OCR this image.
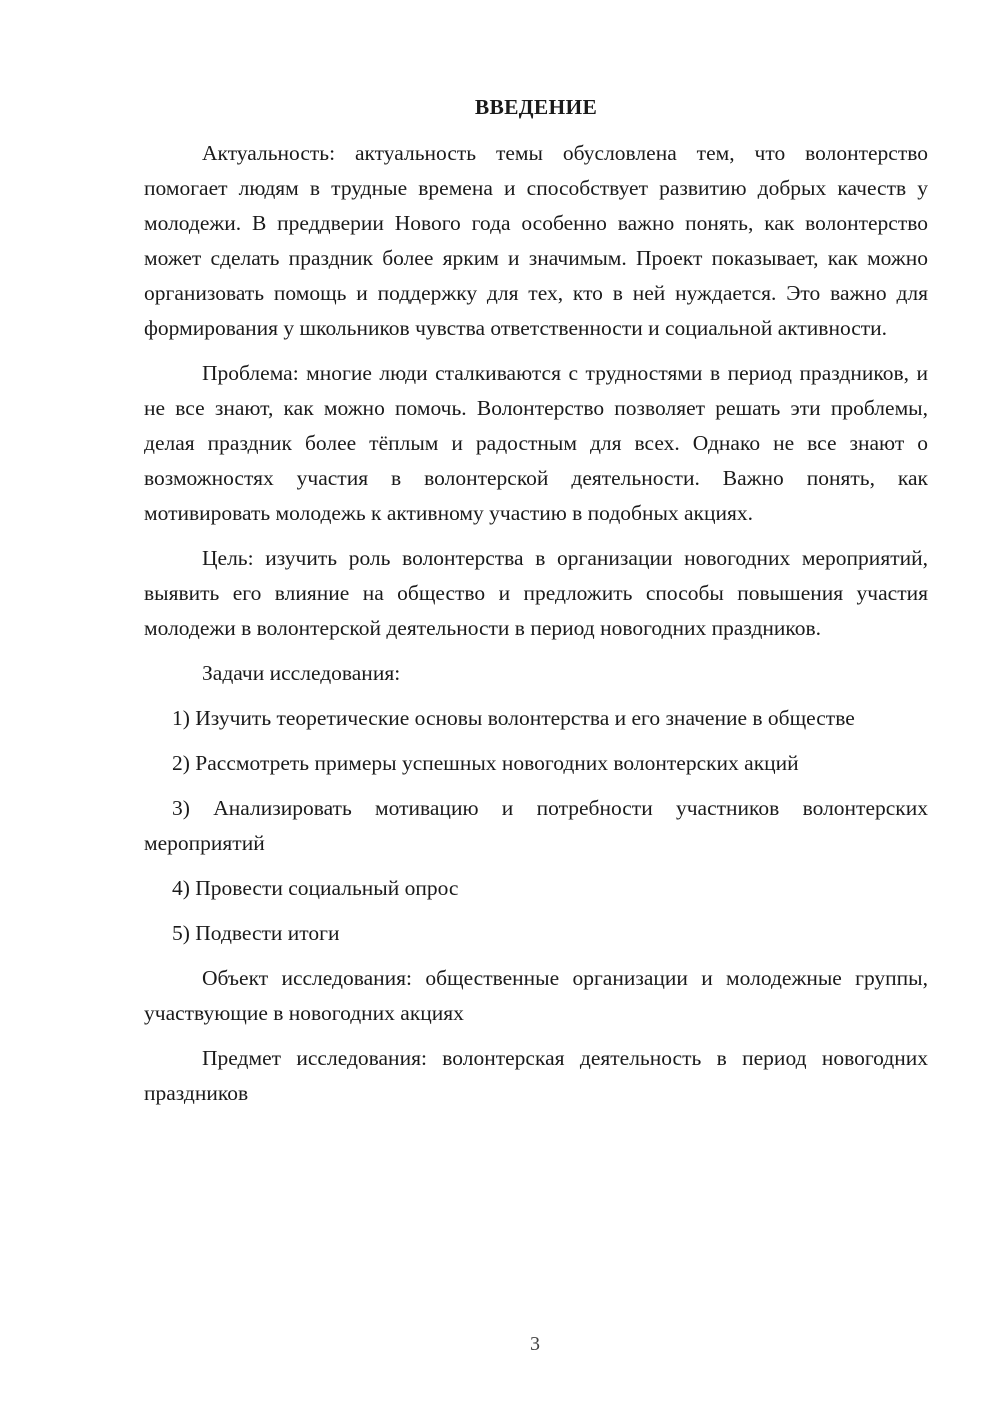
ВВЕДЕНИЕ

Актуальность: актуальность темы обусловлена тем, что волонтерство помогает людям в трудные времена и способствует развитию добрых качеств у молодежи. В преддверии Нового года особенно важно понять, как волонтерство может сделать праздник более ярким и значимым. Проект показывает, как можно организовать помощь и поддержку для тех, кто в ней нуждается. Это важно для формирования у школьников чувства ответственности и социальной активности.

Проблема: многие люди сталкиваются с трудностями в период праздников, и не все знают, как можно помочь. Волонтерство позволяет решать эти проблемы, делая праздник более тёплым и радостным для всех. Однако не все знают о возможностях участия в волонтерской деятельности. Важно понять, как мотивировать молодежь к активному участию в подобных акциях.

Цель: изучить роль волонтерства в организации новогодних мероприятий, выявить его влияние на общество и предложить способы повышения участия молодежи в волонтерской деятельности в период новогодних праздников.

Задачи исследования:

1) Изучить теоретические основы волонтерства и его значение в обществе

2) Рассмотреть примеры успешных новогодних волонтерских акций

3) Анализировать мотивацию и потребности участников волонтерских мероприятий

4) Провести социальный опрос

5) Подвести итоги

Объект исследования: общественные организации и молодежные группы, участвующие в новогодних акциях

Предмет исследования: волонтерская деятельность в период новогодних праздников

3
